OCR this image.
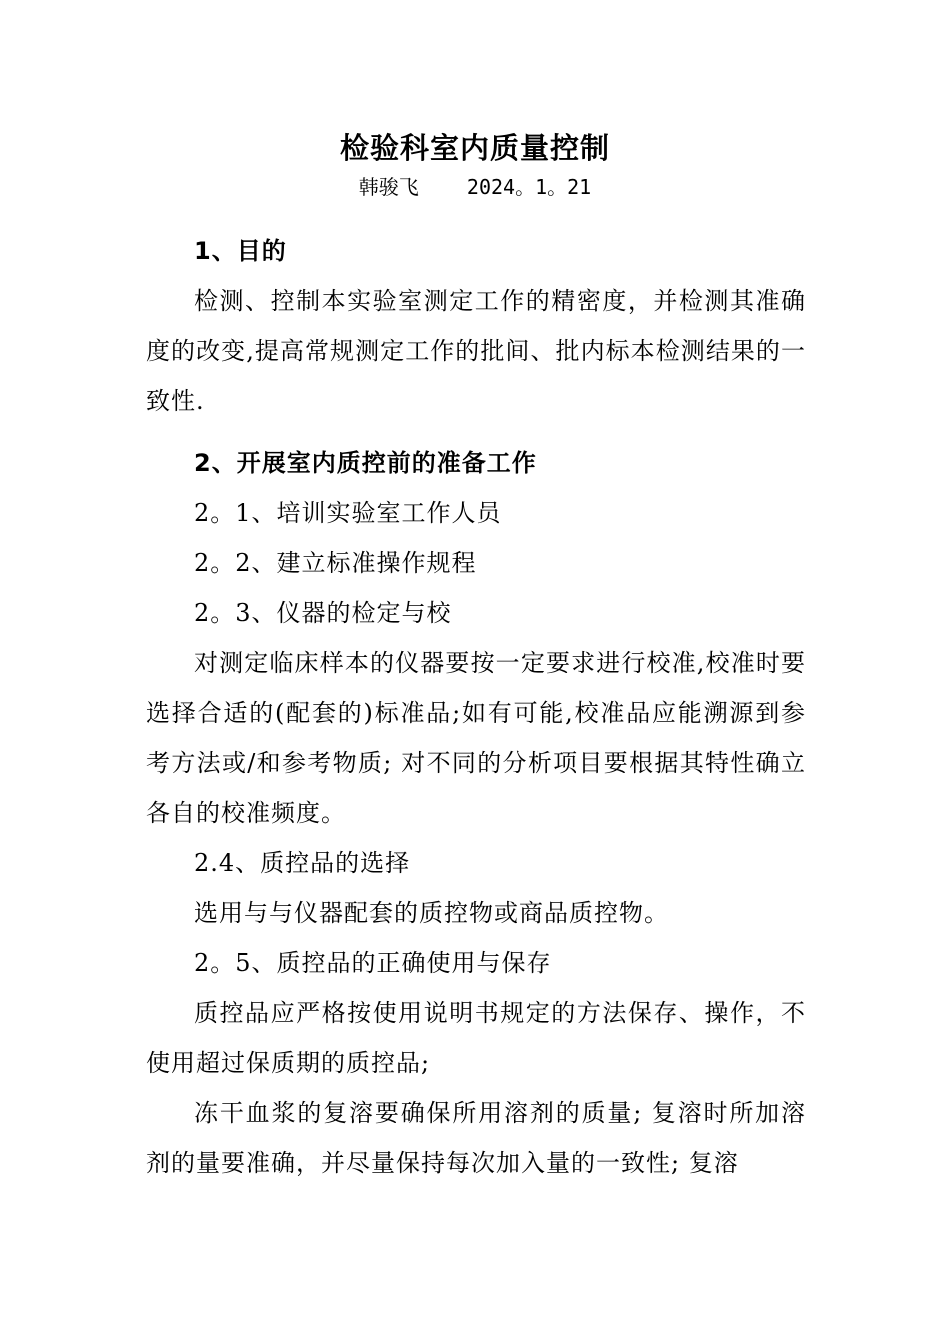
检验科室内质量控制
韩骏飞    2024。1。21

1、目的

检测、控制本实验室测定工作的精密度，并检测其准确度的改变,提高常规测定工作的批间、批内标本检测结果的一致性.

2、开展室内质控前的准备工作

2。1、培训实验室工作人员

2。2、建立标准操作规程

2。3、仪器的检定与校

对测定临床样本的仪器要按一定要求进行校准,校准时要选择合适的(配套的)标准品;如有可能,校准品应能溯源到参考方法或/和参考物质; 对不同的分析项目要根据其特性确立各自的校准频度。

2.4、质控品的选择

选用与与仪器配套的质控物或商品质控物。

2。5、质控品的正确使用与保存

质控品应严格按使用说明书规定的方法保存、操作，不使用超过保质期的质控品;

冻干血浆的复溶要确保所用溶剂的质量; 复溶时所加溶剂的量要准确，并尽量保持每次加入量的一致性; 复溶
